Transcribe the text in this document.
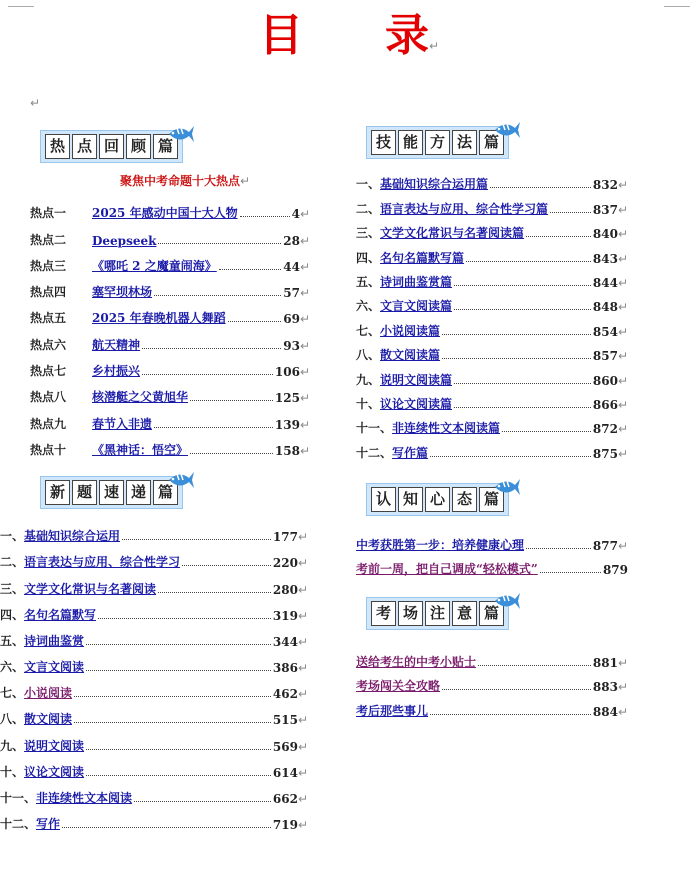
目 录↵
↵
热 点 回 顾 篇
聚焦中考命题十大热点↵
热点一	2025 年感动中国十大人物	4 ↵
热点二	Deepseek	28 ↵
热点三	《哪吒 2 之魔童闹海》	44 ↵
热点四	塞罕坝林场	57 ↵
热点五	2025 年春晚机器人舞蹈	69 ↵
热点六	航天精神	93 ↵
热点七	乡村振兴	106 ↵
热点八	核潜艇之父黄旭华	125 ↵
热点九	春节入非遗	139 ↵
热点十	《黑神话：悟空》	158 ↵
新 题 速 递 篇
一、 基础知识综合运用	177 ↵
二、 语言表达与应用、综合性学习	220 ↵
三、 文学文化常识与名著阅读	280 ↵
四、 名句名篇默写	319 ↵
五、 诗词曲鉴赏	344 ↵
六、 文言文阅读	386 ↵
七、 小说阅读	462 ↵
八、 散文阅读	515 ↵
九、 说明文阅读	569 ↵
十、 议论文阅读	614 ↵
十一、 非连续性文本阅读	662 ↵
十二、 写作	719 ↵
技 能 方 法 篇
一、 基础知识综合运用篇	832 ↵
二、 语言表达与应用、综合性学习篇	837 ↵
三、 文学文化常识与名著阅读篇	840 ↵
四、 名句名篇默写篇	843 ↵
五、 诗词曲鉴赏篇	844 ↵
六、 文言文阅读篇	848 ↵
七、 小说阅读篇	854 ↵
八、 散文阅读篇	857 ↵
九、 说明文阅读篇	860 ↵
十、 议论文阅读篇	866 ↵
十一、 非连续性文本阅读篇	872 ↵
十二、 写作篇	875 ↵
认 知 心 态 篇
中考获胜第一步：培养健康心理	877 ↵
考前一周，把自己调成“轻松模式”	879
考 场 注 意 篇
送给考生的中考小贴士	881 ↵
考场闯关全攻略	883 ↵
考后那些事儿	884 ↵
